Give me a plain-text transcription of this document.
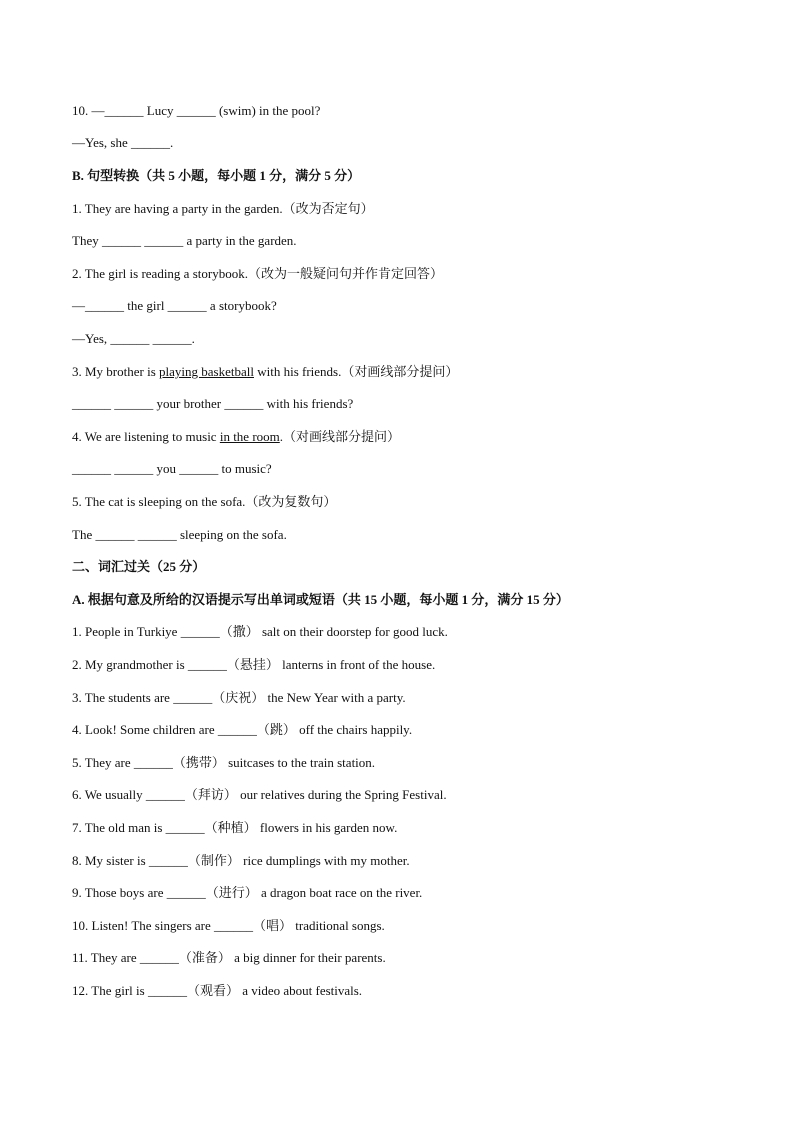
10. —______ Lucy ______ (swim) in the pool?
—Yes, she ______.
B. 句型转换（共 5 小题，每小题 1 分，满分 5 分）
1. They are having a party in the garden.（改为否定句）
They ______ ______ a party in the garden.
2. The girl is reading a storybook.（改为一般疑问句并作肯定回答）
—______ the girl ______ a storybook?
—Yes, ______ ______.
3. My brother is playing basketball with his friends.（对画线部分提问）
______ ______ your brother ______ with his friends?
4. We are listening to music in the room.（对画线部分提问）
______ ______ you ______ to music?
5. The cat is sleeping on the sofa.（改为复数句）
The ______ ______ sleeping on the sofa.
二、词汇过关（25 分）
A. 根据句意及所给的汉语提示写出单词或短语（共 15 小题，每小题 1 分，满分 15 分）
1. People in Turkiye ______（撒） salt on their doorstep for good luck.
2. My grandmother is ______（悬挂） lanterns in front of the house.
3. The students are ______（庆祝） the New Year with a party.
4. Look! Some children are ______（跳） off the chairs happily.
5. They are ______（携带） suitcases to the train station.
6. We usually ______（拜访） our relatives during the Spring Festival.
7. The old man is ______（种植） flowers in his garden now.
8. My sister is ______（制作） rice dumplings with my mother.
9. Those boys are ______（进行） a dragon boat race on the river.
10. Listen! The singers are ______（唱） traditional songs.
11. They are ______（准备） a big dinner for their parents.
12. The girl is ______（观看） a video about festivals.
